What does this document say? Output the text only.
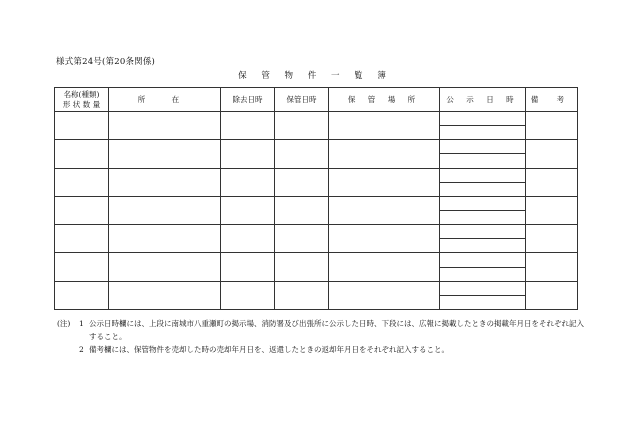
様式第24号(第20条関係)
保 管 物 件 一 覧 簿
名称(種類)
形 状 数 量	所 在	除去日時	保管日時	保 管 場 所	公 示 日 時	備 考

(注) 1 公示日時欄には、上段に南城市八重瀬町の掲示場、消防署及び出張所に公示した日時、下段には、広報に掲載したときの掲載年月日をそれぞれ記入すること。
2 備考欄には、保管物件を売却した時の売却年月日を、返還したときの返却年月日をそれぞれ記入すること。
